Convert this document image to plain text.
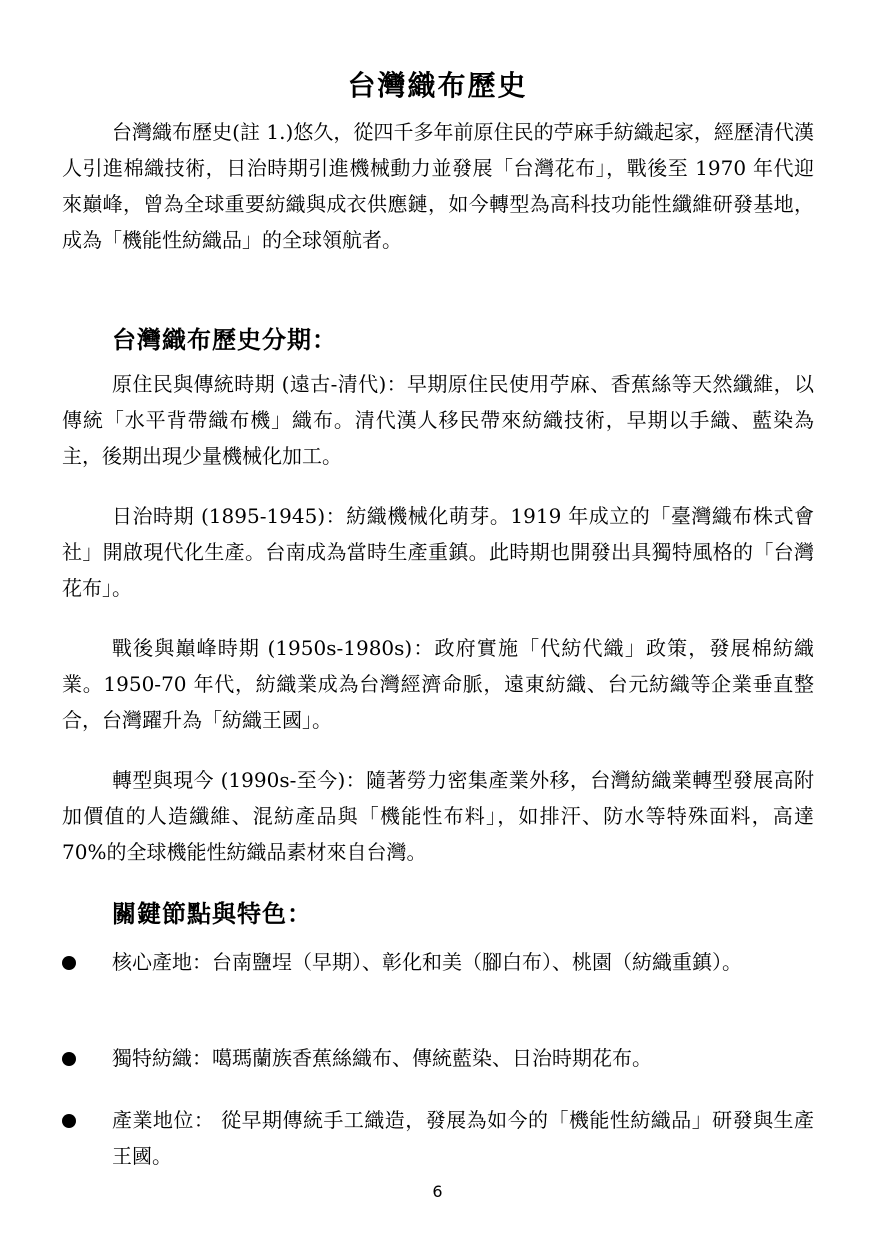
台灣織布歷史

台灣織布歷史(註 1.)悠久，從四千多年前原住民的苧麻手紡織起家，經歷清代漢人引進棉織技術，日治時期引進機械動力並發展「台灣花布」，戰後至 1970 年代迎來巔峰，曾為全球重要紡織與成衣供應鏈，如今轉型為高科技功能性纖維研發基地，成為「機能性紡織品」的全球領航者。

台灣織布歷史分期：

原住民與傳統時期 (遠古-清代)：早期原住民使用苧麻、香蕉絲等天然纖維，以傳統「水平背帶織布機」織布。清代漢人移民帶來紡織技術，早期以手織、藍染為主，後期出現少量機械化加工。

日治時期 (1895-1945)：紡織機械化萌芽。1919 年成立的「臺灣織布株式會社」開啟現代化生產。台南成為當時生產重鎮。此時期也開發出具獨特風格的「台灣花布」。

戰後與巔峰時期 (1950s-1980s)：政府實施「代紡代織」政策，發展棉紡織業。1950-70 年代，紡織業成為台灣經濟命脈，遠東紡織、台元紡織等企業垂直整合，台灣躍升為「紡織王國」。

轉型與現今 (1990s-至今)：隨著勞力密集產業外移，台灣紡織業轉型發展高附加價值的人造纖維、混紡產品與「機能性布料」，如排汗、防水等特殊面料，高達 70%的全球機能性紡織品素材來自台灣。

關鍵節點與特色：

核心產地：台南鹽埕（早期）、彰化和美（腳白布）、桃園（紡織重鎮）。

獨特紡織：噶瑪蘭族香蕉絲織布、傳統藍染、日治時期花布。

產業地位： 從早期傳統手工織造，發展為如今的「機能性紡織品」研發與生產王國。

6
